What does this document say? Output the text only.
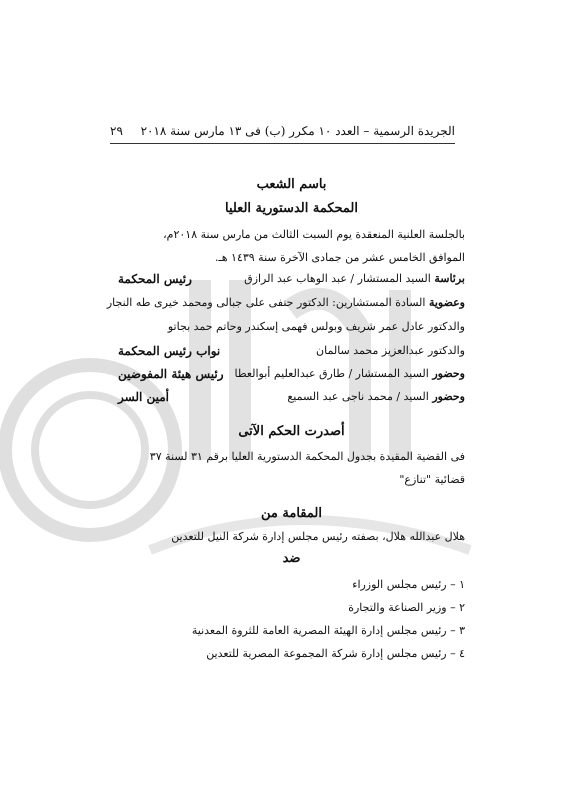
الجريدة الرسمية – العدد ١٠ مكرر (ب) فى ١٣ مارس سنة ٢٠١٨
٢٩
باسم الشعب
المحكمة الدستورية العليا
بالجلسة العلنية المنعقدة يوم السبت الثالث من مارس سنة ٢٠١٨م،
الموافق الخامس عشر من جمادى الآخرة سنة ١٤٣٩ هـ.
برئاسة السيد المستشار / عبد الوهاب عبد الرازق
رئيس المحكمة
وعضوية السادة المستشارين: الدكتور حنفى على جبالى ومحمد خيرى طه النجار
والدكتور عادل عمر شريف وبولس فهمى إسكندر وحاتم حمد بجاتو
والدكتور عبدالعزيز محمد سالمان
نواب رئيس المحكمة
وحضور السيد المستشار / طارق عبدالعليم أبوالعطا
رئيس هيئة المفوضين
وحضور السيد / محمد ناجى عبد السميع
أمين السر
أصدرت الحكم الآتى
فى القضية المقيدة بجدول المحكمة الدستورية العليا برقم ٣١ لسنة ٣٧
قضائية "تنازع"
المقامة من
هلال عبدالله هلال، بصفته رئيس مجلس إدارة شركة النيل للتعدين
ضد
١ – رئيس مجلس الوزراء
٢ – وزير الصناعة والتجارة
٣ – رئيس مجلس إدارة الهيئة المصرية العامة للثروة المعدنية
٤ – رئيس مجلس إدارة شركة المجموعة المصرية للتعدين
